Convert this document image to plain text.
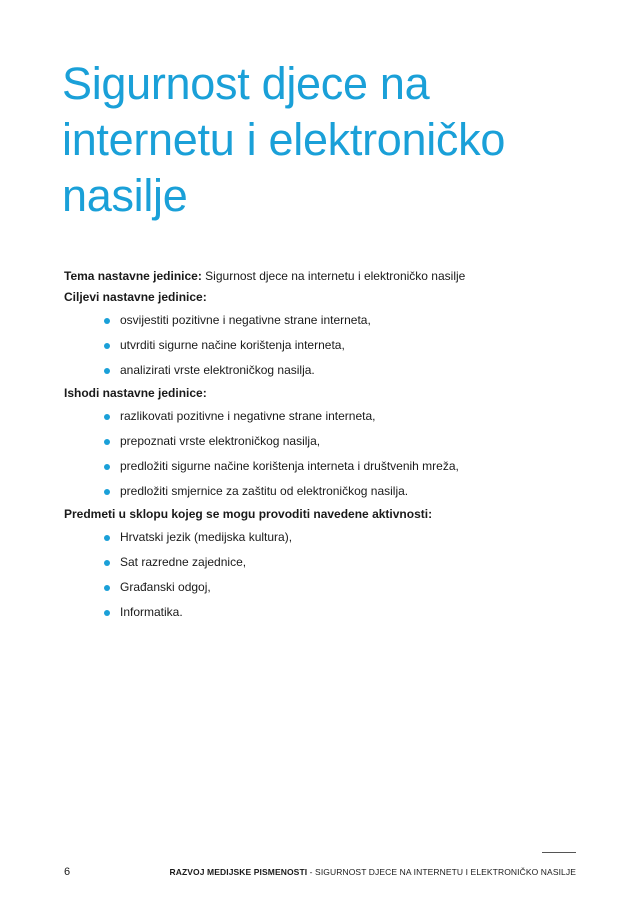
Sigurnost djece na
internetu i elektroničko
nasilje
Tema nastavne jedinice: Sigurnost djece na internetu i elektroničko nasilje
Ciljevi nastavne jedinice:
osvijestiti pozitivne i negativne strane interneta,
utvrditi sigurne načine korištenja interneta,
analizirati vrste elektroničkog nasilja.
Ishodi nastavne jedinice:
razlikovati pozitivne i negativne strane interneta,
prepoznati vrste elektroničkog nasilja,
predložiti sigurne načine korištenja interneta i društvenih mreža,
predložiti smjernice za zaštitu od elektroničkog nasilja.
Predmeti u sklopu kojeg se mogu provoditi navedene aktivnosti:
Hrvatski jezik (medijska kultura),
Sat razredne zajednice,
Građanski odgoj,
Informatika.
6	RAZVOJ MEDIJSKE PISMENOSTI - SIGURNOST DJECE NA INTERNETU I ELEKTRONIČKO NASILJE
